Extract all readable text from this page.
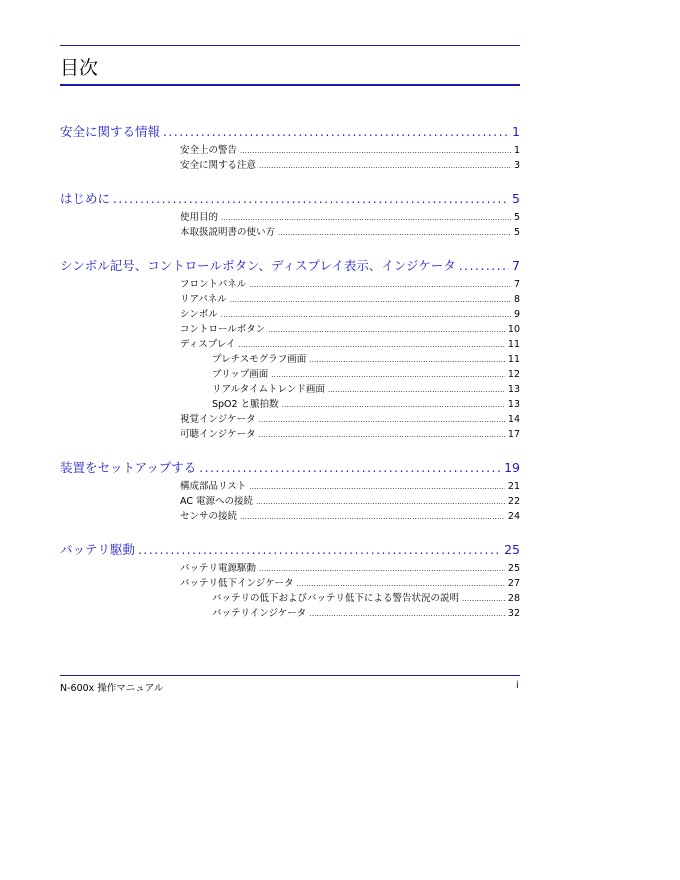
目次
安全に関する情報 .....	1
安全上の警告 .....	1
安全に関する注意 .....	3
はじめに .....	5
使用目的 .....	5
本取扱説明書の使い方 .....	5
シンボル記号、コントロールボタン、ディスプレイ表示、インジケータ .....	7
フロントパネル .....	7
リアパネル .....	8
シンボル .....	9
コントロールボタン .....	10
ディスプレイ .....	11
プレチスモグラフ画面 .....	11
ブリップ画面 .....	12
リアルタイムトレンド画面 .....	13
SpO2 と脈拍数 .....	13
視覚インジケータ .....	14
可聴インジケータ .....	17
装置をセットアップする .....	19
構成部品リスト .....	21
AC 電源への接続 .....	22
センサの接続 .....	24
バッテリ駆動 .....	25
バッテリ電源駆動 .....	25
バッテリ低下インジケータ .....	27
バッテリの低下およびバッテリ低下による警告状況の説明 .....	28
バッテリインジケータ .....	32
N-600x 操作マニュアル	i
